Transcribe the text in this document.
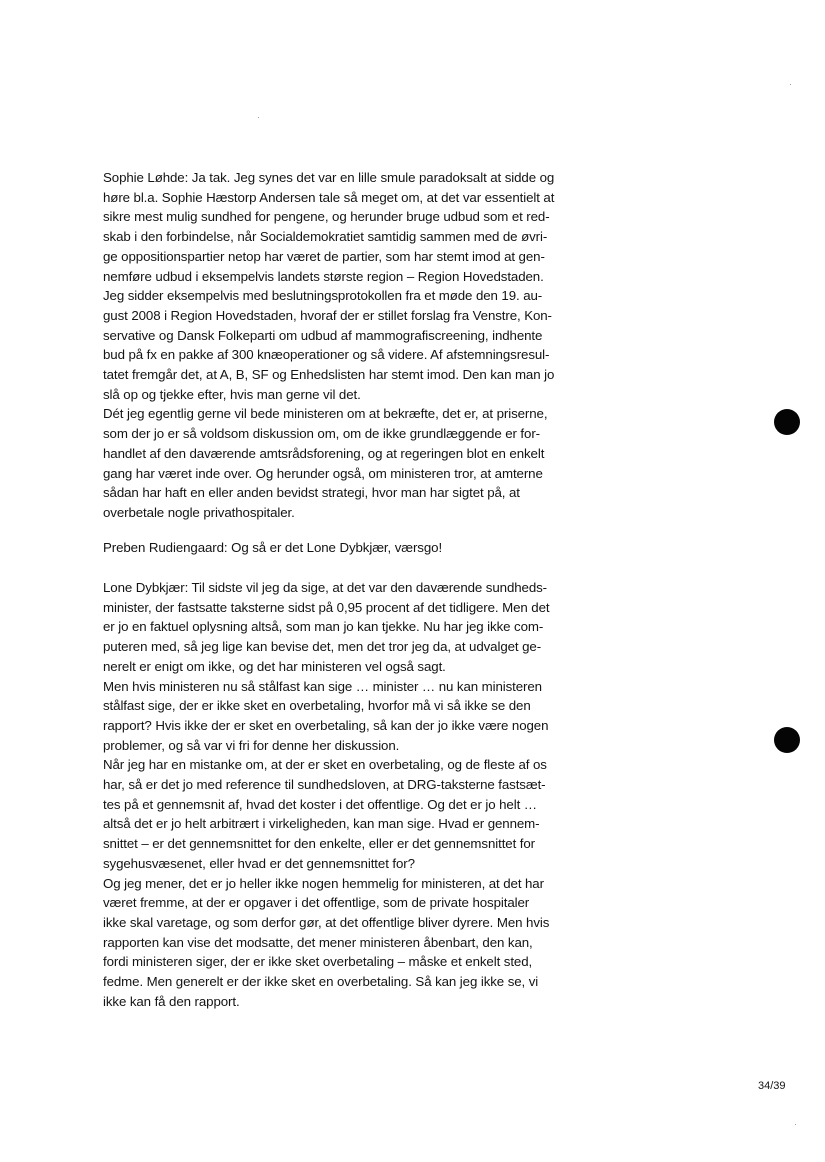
Sophie Løhde: Ja tak. Jeg synes det var en lille smule paradoksalt at sidde og
høre bl.a. Sophie Hæstorp Andersen tale så meget om, at det var essentielt at
sikre mest mulig sundhed for pengene, og herunder bruge udbud som et red-
skab i den forbindelse, når Socialdemokratiet samtidig sammen med de øvri-
ge oppositionspartier netop har været de partier, som har stemt imod at gen-
nemføre udbud i eksempelvis landets største region – Region Hovedstaden.
Jeg sidder eksempelvis med beslutningsprotokollen fra et møde den 19. au-
gust 2008 i Region Hovedstaden, hvoraf der er stillet forslag fra Venstre, Kon-
servative og Dansk Folkeparti om udbud af mammografiscreening, indhente
bud på fx en pakke af 300 knæoperationer og så videre. Af afstemningsresul-
tatet fremgår det, at A, B, SF og Enhedslisten har stemt imod. Den kan man jo
slå op og tjekke efter, hvis man gerne vil det.
Dét jeg egentlig gerne vil bede ministeren om at bekræfte, det er, at priserne,
som der jo er så voldsom diskussion om, om de ikke grundlæggende er for-
handlet af den daværende amtsrådsforening, og at regeringen blot en enkelt
gang har været inde over. Og herunder også, om ministeren tror, at amterne
sådan har haft en eller anden bevidst strategi, hvor man har sigtet på, at
overbetale nogle privathospitaler.
Preben Rudiengaard: Og så er det Lone Dybkjær, værsgo!
Lone Dybkjær: Til sidste vil jeg da sige, at det var den daværende sundheds-
minister, der fastsatte taksterne sidst på 0,95 procent af det tidligere. Men det
er jo en faktuel oplysning altså, som man jo kan tjekke. Nu har jeg ikke com-
puteren med, så jeg lige kan bevise det, men det tror jeg da, at udvalget ge-
nerelt er enigt om ikke, og det har ministeren vel også sagt.
Men hvis ministeren nu så stålfast kan sige … minister … nu kan ministeren
stålfast sige, der er ikke sket en overbetaling, hvorfor må vi så ikke se den
rapport? Hvis ikke der er sket en overbetaling, så kan der jo ikke være nogen
problemer, og så var vi fri for denne her diskussion.
Når jeg har en mistanke om, at der er sket en overbetaling, og de fleste af os
har, så er det jo med reference til sundhedsloven, at DRG-taksterne fastsæt-
tes på et gennemsnit af, hvad det koster i det offentlige. Og det er jo helt …
altså det er jo helt arbitrært i virkeligheden, kan man sige. Hvad er gennem-
snittet – er det gennemsnittet for den enkelte, eller er det gennemsnittet for
sygehusvæsenet, eller hvad er det gennemsnittet for?
Og jeg mener, det er jo heller ikke nogen hemmelig for ministeren, at det har
været fremme, at der er opgaver i det offentlige, som de private hospitaler
ikke skal varetage, og som derfor gør, at det offentlige bliver dyrere. Men hvis
rapporten kan vise det modsatte, det mener ministeren åbenbart, den kan,
fordi ministeren siger, der er ikke sket overbetaling – måske et enkelt sted,
fedme. Men generelt er der ikke sket en overbetaling. Så kan jeg ikke se, vi
ikke kan få den rapport.
34/39
